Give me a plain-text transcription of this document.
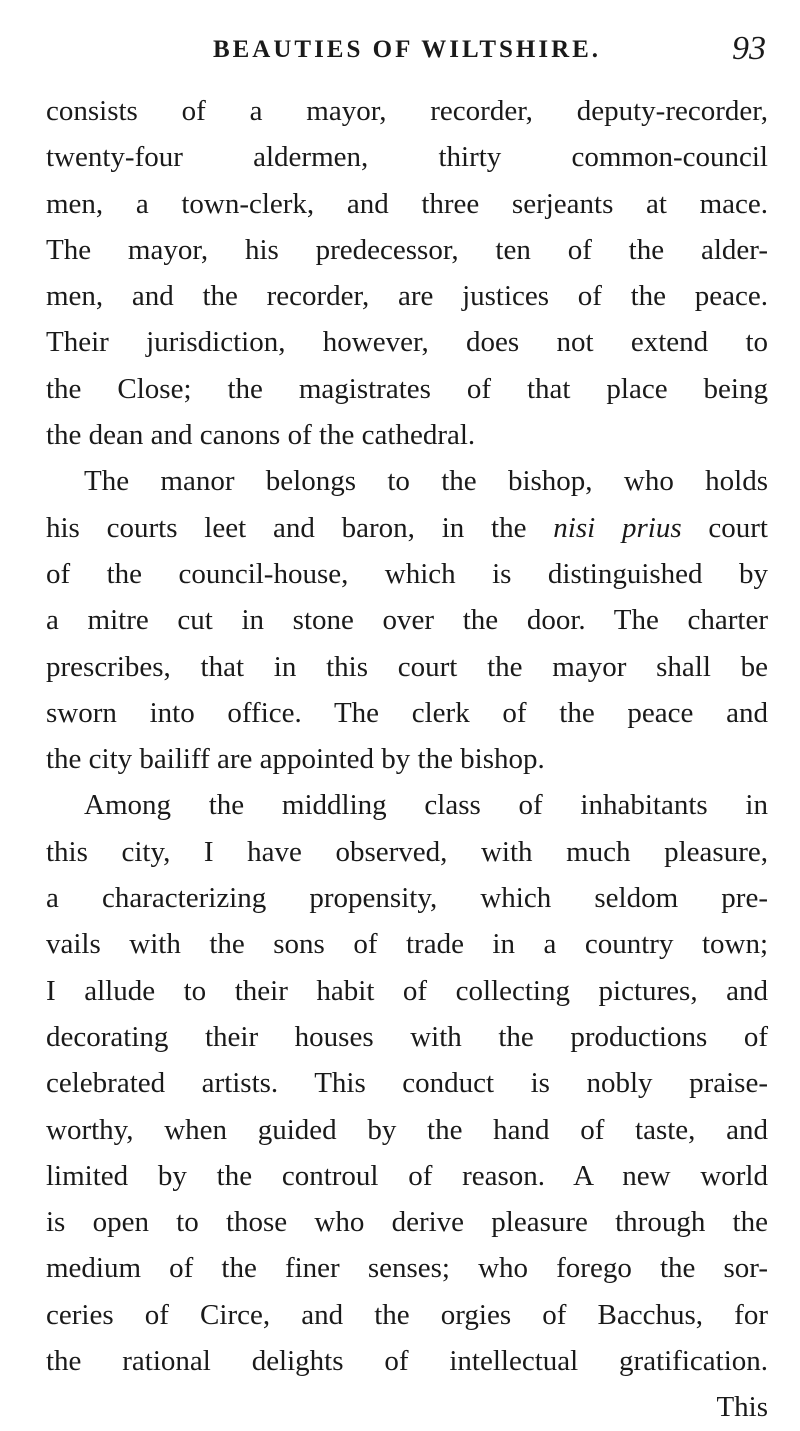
BEAUTIES OF WILTSHIRE.	93
consists of a mayor, recorder, deputy-recorder,
twenty-four aldermen, thirty common-council
men, a town-clerk, and three serjeants at mace.
The mayor, his predecessor, ten of the alder-
men, and the recorder, are justices of the peace.
Their jurisdiction, however, does not extend to
the Close; the magistrates of that place being
the dean and canons of the cathedral.
The manor belongs to the bishop, who holds
his courts leet and baron, in the nisi prius court
of the council-house, which is distinguished by
a mitre cut in stone over the door. The charter
prescribes, that in this court the mayor shall be
sworn into office. The clerk of the peace and
the city bailiff are appointed by the bishop.
Among the middling class of inhabitants in
this city, I have observed, with much pleasure,
a characterizing propensity, which seldom pre-
vails with the sons of trade in a country town;
I allude to their habit of collecting pictures, and
decorating their houses with the productions of
celebrated artists. This conduct is nobly praise-
worthy, when guided by the hand of taste, and
limited by the controul of reason. A new world
is open to those who derive pleasure through the
medium of the finer senses; who forego the sor-
ceries of Circe, and the orgies of Bacchus, for
the rational delights of intellectual gratification.
This
